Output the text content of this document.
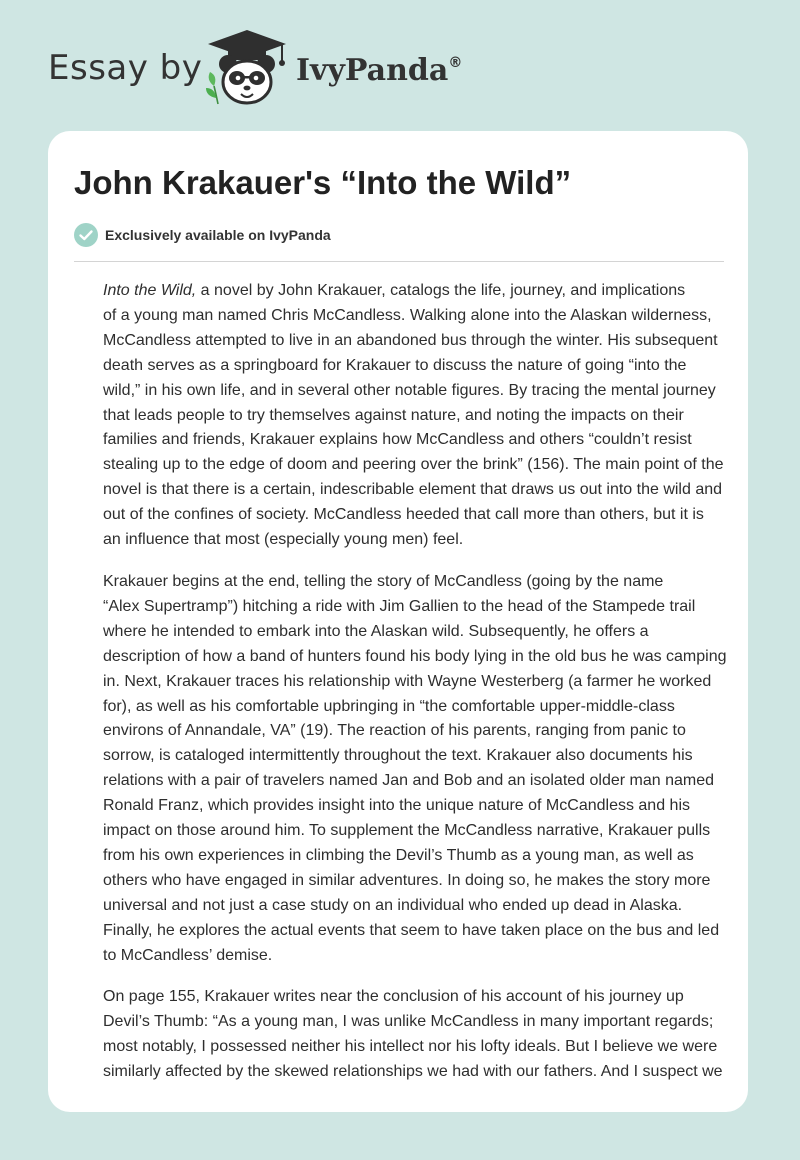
Essay by	IvyPanda®
John Krakauer's “Into the Wild”
Exclusively available on IvyPanda

Into the Wild, a novel by John Krakauer, catalogs the life, journey, and implications
of a young man named Chris McCandless. Walking alone into the Alaskan wilderness,
McCandless attempted to live in an abandoned bus through the winter. His subsequent
death serves as a springboard for Krakauer to discuss the nature of going “into the
wild,” in his own life, and in several other notable figures. By tracing the mental journey
that leads people to try themselves against nature, and noting the impacts on their
families and friends, Krakauer explains how McCandless and others “couldn’t resist
stealing up to the edge of doom and peering over the brink” (156). The main point of the
novel is that there is a certain, indescribable element that draws us out into the wild and
out of the confines of society. McCandless heeded that call more than others, but it is
an influence that most (especially young men) feel.

Krakauer begins at the end, telling the story of McCandless (going by the name
“Alex Supertramp”) hitching a ride with Jim Gallien to the head of the Stampede trail
where he intended to embark into the Alaskan wild. Subsequently, he offers a
description of how a band of hunters found his body lying in the old bus he was camping
in. Next, Krakauer traces his relationship with Wayne Westerberg (a farmer he worked
for), as well as his comfortable upbringing in “the comfortable upper-middle-class
environs of Annandale, VA” (19). The reaction of his parents, ranging from panic to
sorrow, is cataloged intermittently throughout the text. Krakauer also documents his
relations with a pair of travelers named Jan and Bob and an isolated older man named
Ronald Franz, which provides insight into the unique nature of McCandless and his
impact on those around him. To supplement the McCandless narrative, Krakauer pulls
from his own experiences in climbing the Devil’s Thumb as a young man, as well as
others who have engaged in similar adventures. In doing so, he makes the story more
universal and not just a case study on an individual who ended up dead in Alaska.
Finally, he explores the actual events that seem to have taken place on the bus and led
to McCandless’ demise.

On page 155, Krakauer writes near the conclusion of his account of his journey up
Devil’s Thumb: “As a young man, I was unlike McCandless in many important regards;
most notably, I possessed neither his intellect nor his lofty ideals. But I believe we were
similarly affected by the skewed relationships we had with our fathers. And I suspect we
